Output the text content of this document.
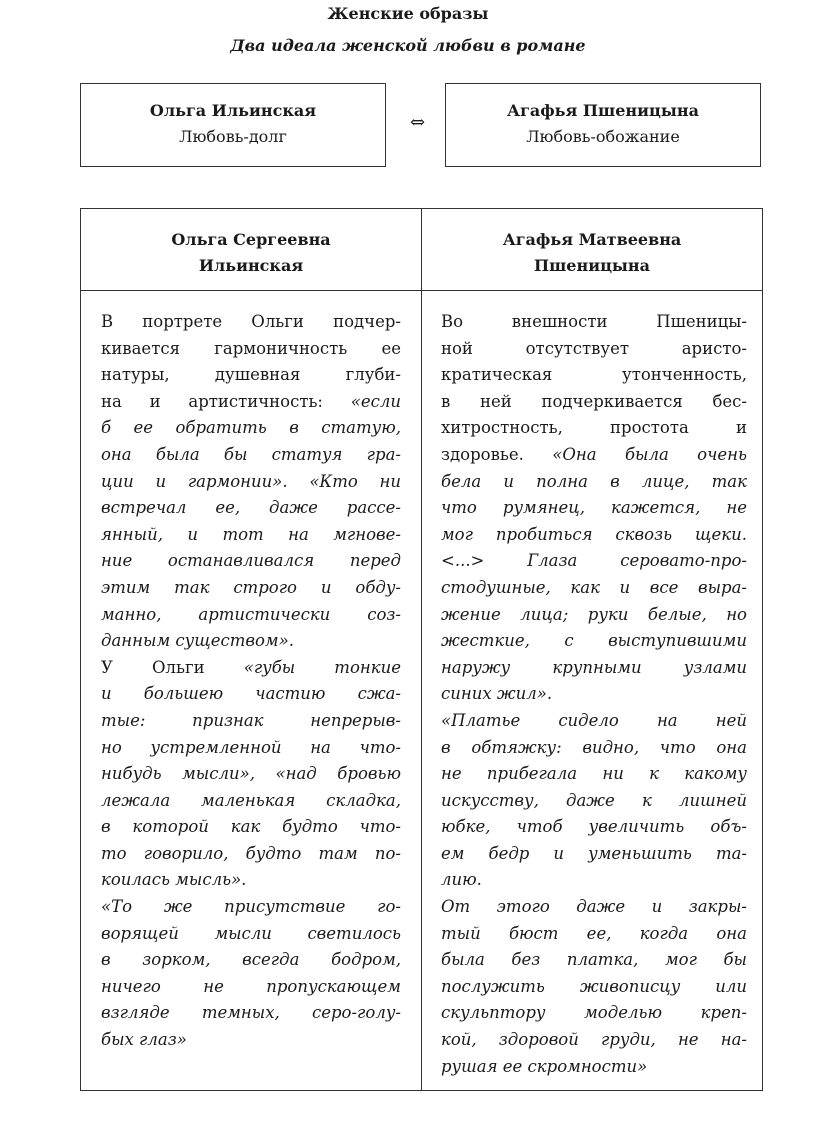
Женские образы
Два идеала женской любви в романе
Ольга Ильинская
Любовь-долг
⇔
Агафья Пшеницына
Любовь-обожание
Ольга Сергеевна
Ильинская
Агафья Матвеевна
Пшеницына
В портрете Ольги подчер-
кивается гармоничность ее
натуры, душевная глуби-
на и артистичность: «если
б ее обратить в статую,
она была бы статуя гра-
ции и гармонии». «Кто ни
встречал ее, даже рассе-
янный, и тот на мгнове-
ние останавливался перед
этим так строго и обду-
манно, артистически соз-
данным существом».
У Ольги «губы тонкие
и большею частию сжа-
тые: признак непрерыв-
но устремленной на что-
нибудь мысли», «над бровью
лежала маленькая складка,
в которой как будто что-
то говорило, будто там по-
коилась мысль».
«То же присутствие го-
ворящей мысли светилось
в зорком, всегда бодром,
ничего не пропускающем
взгляде темных, серо-голу-
бых глаз»
Во внешности Пшеницы-
ной отсутствует аристо-
кратическая утонченность,
в ней подчеркивается бес-
хитростность, простота и
здоровье. «Она была очень
бела и полна в лице, так
что румянец, кажется, не
мог пробиться сквозь щеки.
<...> Глаза серовато-про-
стодушные, как и все выра-
жение лица; руки белые, но
жесткие, с выступившими
наружу крупными узлами
синих жил».
«Платье сидело на ней
в обтяжку: видно, что она
не прибегала ни к какому
искусству, даже к лишней
юбке, чтоб увеличить объ-
ем бедр и уменьшить та-
лию.
От этого даже и закры-
тый бюст ее, когда она
была без платка, мог бы
послужить живописцу или
скульптору моделью креп-
кой, здоровой груди, не на-
рушая ее скромности»
